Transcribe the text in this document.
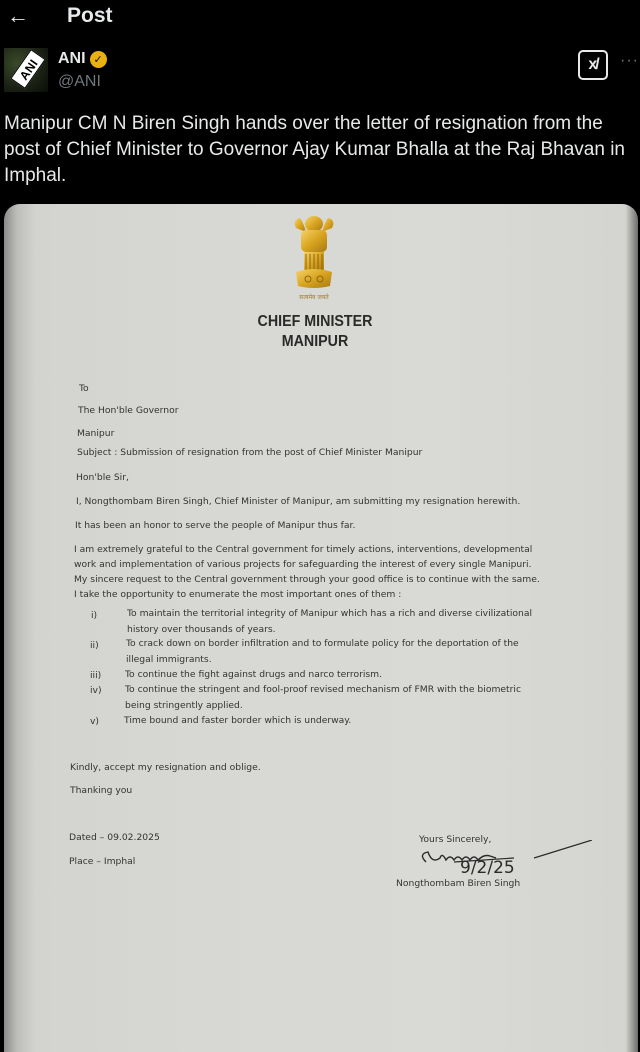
← Post
ANI ANI ✓
@ANI
x/ ···
Manipur CM N Biren Singh hands over the letter of resignation from the post of Chief Minister to Governor Ajay Kumar Bhalla at the Raj Bhavan in Imphal.
सत्यमेव जयते
CHIEF MINISTER
MANIPUR
To
The Hon'ble Governor
Manipur
Subject : Submission of resignation from the post of Chief Minister Manipur
Hon'ble Sir,
I, Nongthombam Biren Singh, Chief Minister of Manipur, am submitting my resignation herewith.
It has been an honor to serve the people of Manipur thus far.
I am extremely grateful to the Central government for timely actions, interventions, developmental
work and implementation of various projects for safeguarding the interest of every single Manipuri.
My sincere request to the Central government through your good office is to continue with the same.
I take the opportunity to enumerate the most important ones of them :
i)	To maintain the territorial integrity of Manipur which has a rich and diverse civilizational
history over thousands of years.
ii)	To crack down on border infiltration and to formulate policy for the deportation of the
illegal immigrants.
iii)	To continue the fight against drugs and narco terrorism.
iv)	To continue the stringent and fool-proof revised mechanism of FMR with the biometric
being stringently applied.
v)	Time bound and faster border which is underway.
Kindly, accept my resignation and oblige.
Thanking you
Dated – 09.02.2025
Place – Imphal
Yours Sincerely,
9/2/25
Nongthombam Biren Singh
